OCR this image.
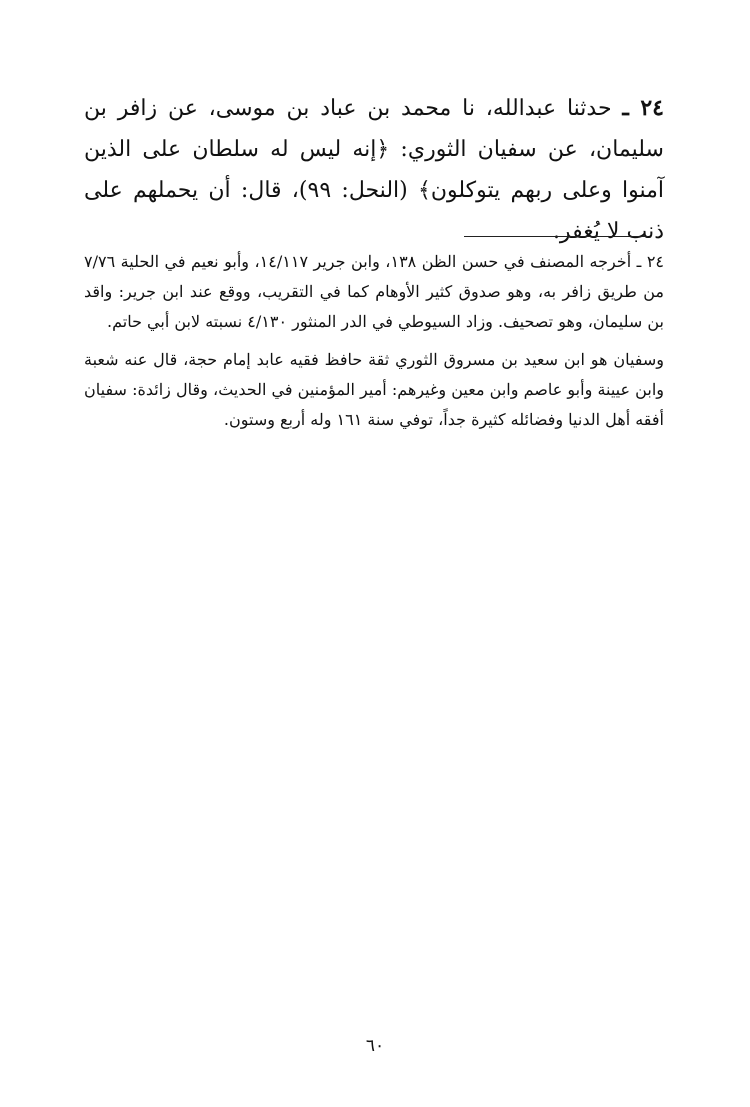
٢٤ ـ حدثنا عبدالله، نا محمد بن عباد بن موسى، عن زافر بن سليمان، عن سفيان الثوري: ﴿إنه ليس له سلطان على الذين آمنوا وعلى ربهم يتوكلون﴾ (النحل: ٩٩)، قال: أن يحملهم على ذنب لا يُغفر.

٢٤ ـ أخرجه المصنف في حسن الظن ١٣٨، وابن جرير ١٤/١١٧، وأبو نعيم في الحلية ٧/٧٦ من طريق زافر به، وهو صدوق كثير الأوهام كما في التقريب، ووقع عند ابن جرير: واقد بن سليمان، وهو تصحيف. وزاد السيوطي في الدر المنثور ٤/١٣٠ نسبته لابن أبي حاتم.

وسفيان هو ابن سعيد بن مسروق الثوري ثقة حافظ فقيه عابد إمام حجة، قال عنه شعبة وابن عيينة وأبو عاصم وابن معين وغيرهم: أمير المؤمنين في الحديث، وقال زائدة: سفيان أفقه أهل الدنيا وفضائله كثيرة جداً، توفي سنة ١٦١ وله أربع وستون.

٦٠
